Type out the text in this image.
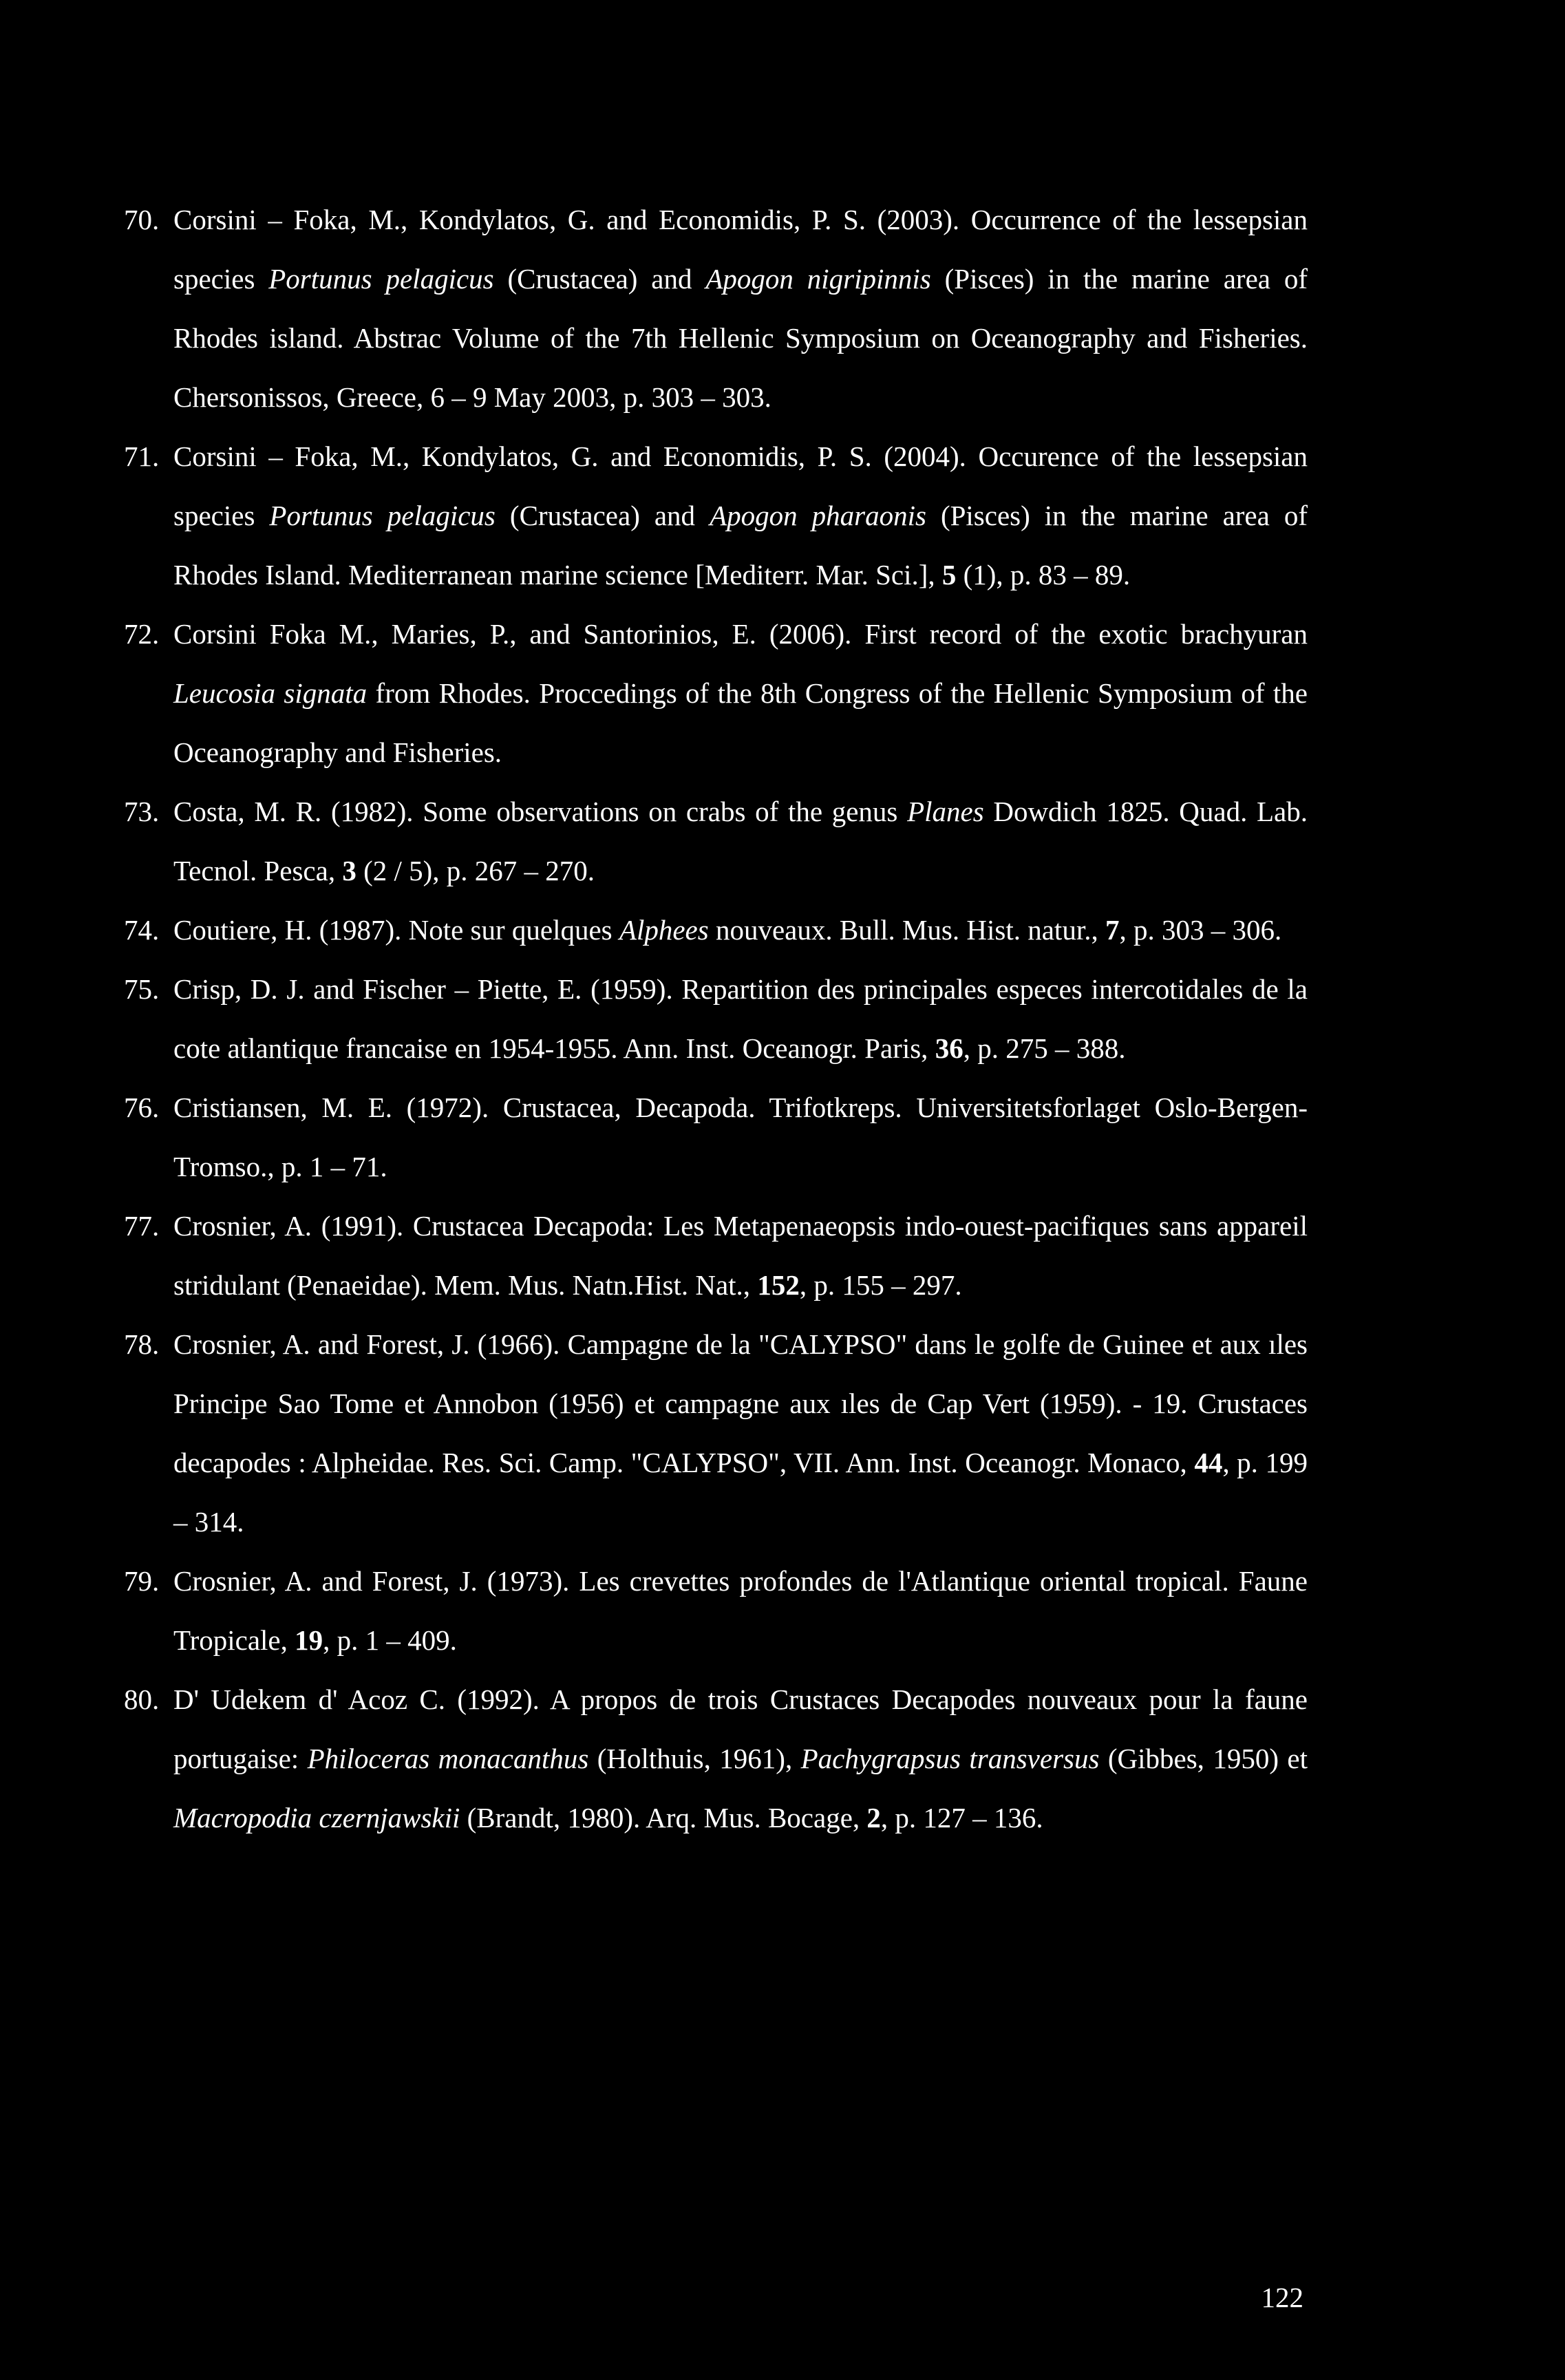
70. Corsini – Foka, M., Kondylatos, G. and Economidis, P. S. (2003). Occurrence of the lessepsian species Portunus pelagicus (Crustacea) and Apogon nigripinnis (Pisces) in the marine area of Rhodes island. Abstrac Volume of the 7th Hellenic Symposium on Oceanography and Fisheries. Chersonissos, Greece, 6 – 9 May 2003, p. 303 – 303.
71. Corsini – Foka, M., Kondylatos, G. and Economidis, P. S. (2004). Occurence of the lessepsian species Portunus pelagicus (Crustacea) and Apogon pharaonis (Pisces) in the marine area of Rhodes Island. Mediterranean marine science [Mediterr. Mar. Sci.], 5 (1), p. 83 – 89.
72. Corsini Foka M., Maries, P., and Santorinios, E. (2006). First record of the exotic brachyuran Leucosia signata from Rhodes. Proccedings of the 8th Congress of the Hellenic Symposium of the Oceanography and Fisheries.
73. Costa, M. R. (1982). Some observations on crabs of the genus Planes Dowdich 1825. Quad. Lab. Tecnol. Pesca, 3 (2 / 5), p. 267 – 270.
74. Coutiere, H. (1987). Note sur quelques Alphees nouveaux. Bull. Mus. Hist. natur., 7, p. 303 – 306.
75. Crisp, D. J. and Fischer – Piette, E. (1959). Repartition des principales especes intercotidales de la cote atlantique francaise en 1954-1955. Ann. Inst. Oceanogr. Paris, 36, p. 275 – 388.
76. Cristiansen, M. E. (1972). Crustacea, Decapoda. Trifotkreps. Universitetsforlaget Oslo-Bergen-Tromso., p. 1 – 71.
77. Crosnier, A. (1991). Crustacea Decapoda: Les Metapenaeopsis indo-ouest-pacifiques sans appareil stridulant (Penaeidae). Mem. Mus. Natn.Hist. Nat., 152, p. 155 – 297.
78. Crosnier, A. and Forest, J. (1966). Campagne de la "CALYPSO" dans le golfe de Guinee et aux ıles Principe Sao Tome et Annobon (1956) et campagne aux ıles de Cap Vert (1959). - 19. Crustaces decapodes : Alpheidae. Res. Sci. Camp. "CALYPSO", VII. Ann. Inst. Oceanogr. Monaco, 44, p. 199 – 314.
79. Crosnier, A. and Forest, J. (1973). Les crevettes profondes de l'Atlantique oriental tropical. Faune Tropicale, 19, p. 1 – 409.
80. D' Udekem d' Acoz C. (1992). A propos de trois Crustaces Decapodes nouveaux pour la faune portugaise: Philoceras monacanthus (Holthuis, 1961), Pachygrapsus transversus (Gibbes, 1950) et Macropodia czernjawskii (Brandt, 1980). Arq. Mus. Bocage, 2, p. 127 – 136.
122
